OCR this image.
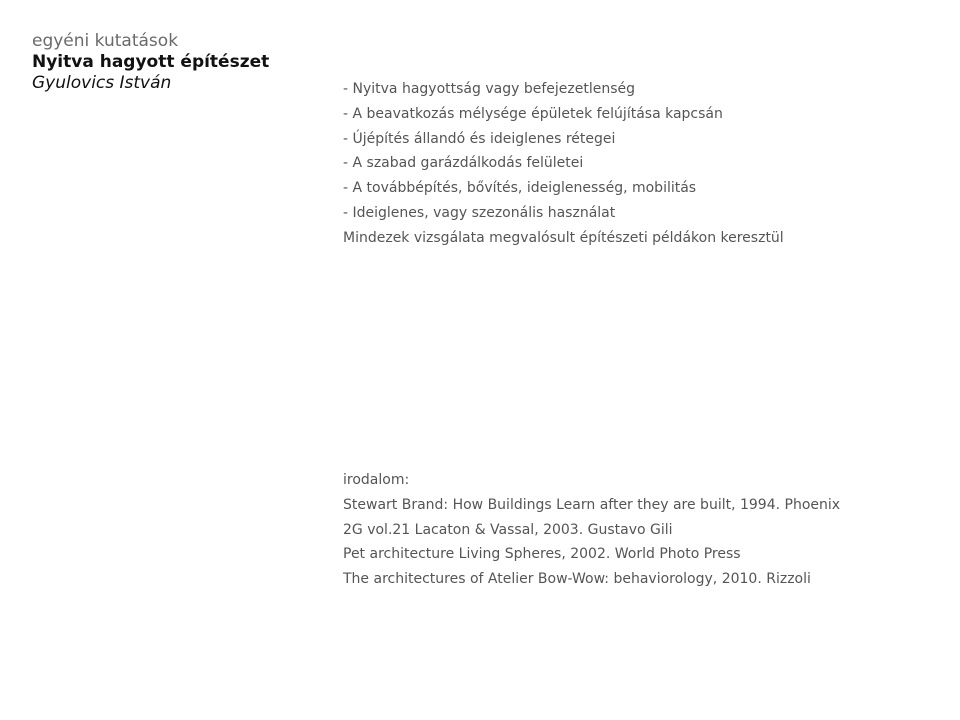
egyéni kutatások
Nyitva hagyott építészet
Gyulovics István	- Nyitva hagyottság vagy befejezetlenség
- A beavatkozás mélysége épületek felújítása kapcsán
- Újépítés állandó és ideiglenes rétegei
- A szabad garázdálkodás felületei
- A továbbépítés, bővítés, ideiglenesség, mobilitás
- Ideiglenes, vagy szezonális használat
Mindezek vizsgálata megvalósult építészeti példákon keresztül
irodalom:
Stewart Brand: How Buildings Learn after they are built, 1994. Phoenix
2G vol.21 Lacaton & Vassal, 2003. Gustavo Gili
Pet architecture Living Spheres, 2002. World Photo Press
The architectures of Atelier Bow-Wow: behaviorology, 2010. Rizzoli
